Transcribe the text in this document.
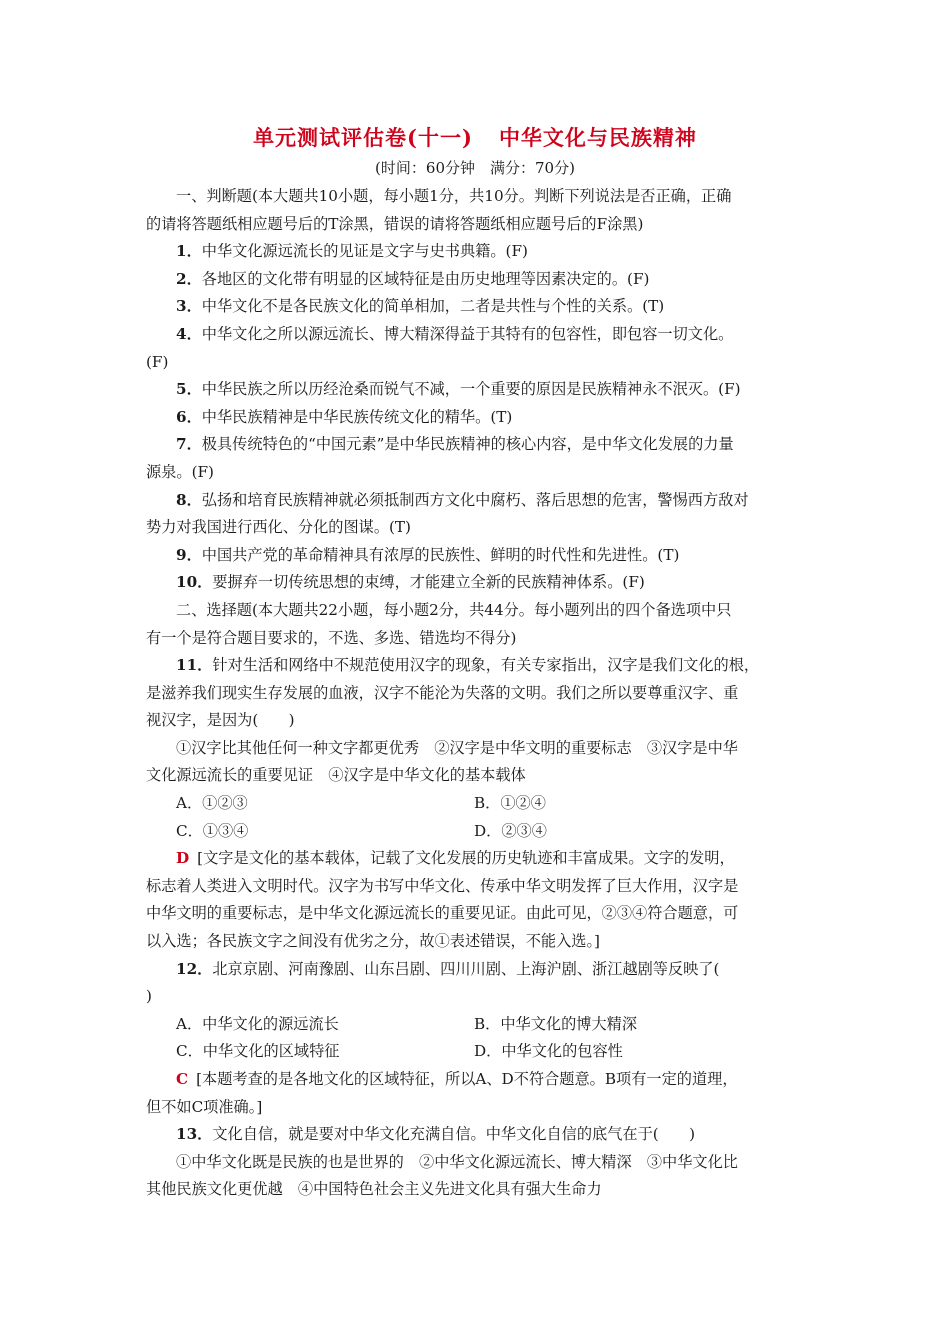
单元测试评估卷(十一) 中华文化与民族精神
(时间：60分钟　满分：70分)
一、判断题(本大题共10小题，每小题1分，共10分。判断下列说法是否正确，正确
的请将答题纸相应题号后的T涂黑，错误的请将答题纸相应题号后的F涂黑)
1．中华文化源远流长的见证是文字与史书典籍。(F)
2．各地区的文化带有明显的区域特征是由历史地理等因素决定的。(F)
3．中华文化不是各民族文化的简单相加，二者是共性与个性的关系。(T)
4．中华文化之所以源远流长、博大精深得益于其特有的包容性，即包容一切文化。
(F)
5．中华民族之所以历经沧桑而锐气不减，一个重要的原因是民族精神永不泯灭。(F)
6．中华民族精神是中华民族传统文化的精华。(T)
7．极具传统特色的“中国元素”是中华民族精神的核心内容，是中华文化发展的力量
源泉。(F)
8．弘扬和培育民族精神就必须抵制西方文化中腐朽、落后思想的危害，警惕西方敌对
势力对我国进行西化、分化的图谋。(T)
9．中国共产党的革命精神具有浓厚的民族性、鲜明的时代性和先进性。(T)
10．要摒弃一切传统思想的束缚，才能建立全新的民族精神体系。(F)
二、选择题(本大题共22小题，每小题2分，共44分。每小题列出的四个备选项中只
有一个是符合题目要求的，不选、多选、错选均不得分)
11．针对生活和网络中不规范使用汉字的现象，有关专家指出，汉字是我们文化的根，
是滋养我们现实生存发展的血液，汉字不能沦为失落的文明。我们之所以要尊重汉字、重
视汉字，是因为(　　)
①汉字比其他任何一种文字都更优秀　②汉字是中华文明的重要标志　③汉字是中华
文化源远流长的重要见证　④汉字是中华文化的基本载体
A．①②③	B．①②④
C．①③④	D．②③④
D [文字是文化的基本载体，记载了文化发展的历史轨迹和丰富成果。文字的发明，
标志着人类进入文明时代。汉字为书写中华文化、传承中华文明发挥了巨大作用，汉字是
中华文明的重要标志，是中华文化源远流长的重要见证。由此可见，②③④符合题意，可
以入选；各民族文字之间没有优劣之分，故①表述错误，不能入选。]
12．北京京剧、河南豫剧、山东吕剧、四川川剧、上海沪剧、浙江越剧等反映了(
)
A．中华文化的源远流长	B．中华文化的博大精深
C．中华文化的区域特征	D．中华文化的包容性
C [本题考查的是各地文化的区域特征，所以A、D不符合题意。B项有一定的道理，
但不如C项准确。]
13．文化自信，就是要对中华文化充满自信。中华文化自信的底气在于(　　)
①中华文化既是民族的也是世界的　②中华文化源远流长、博大精深　③中华文化比
其他民族文化更优越　④中国特色社会主义先进文化具有强大生命力
